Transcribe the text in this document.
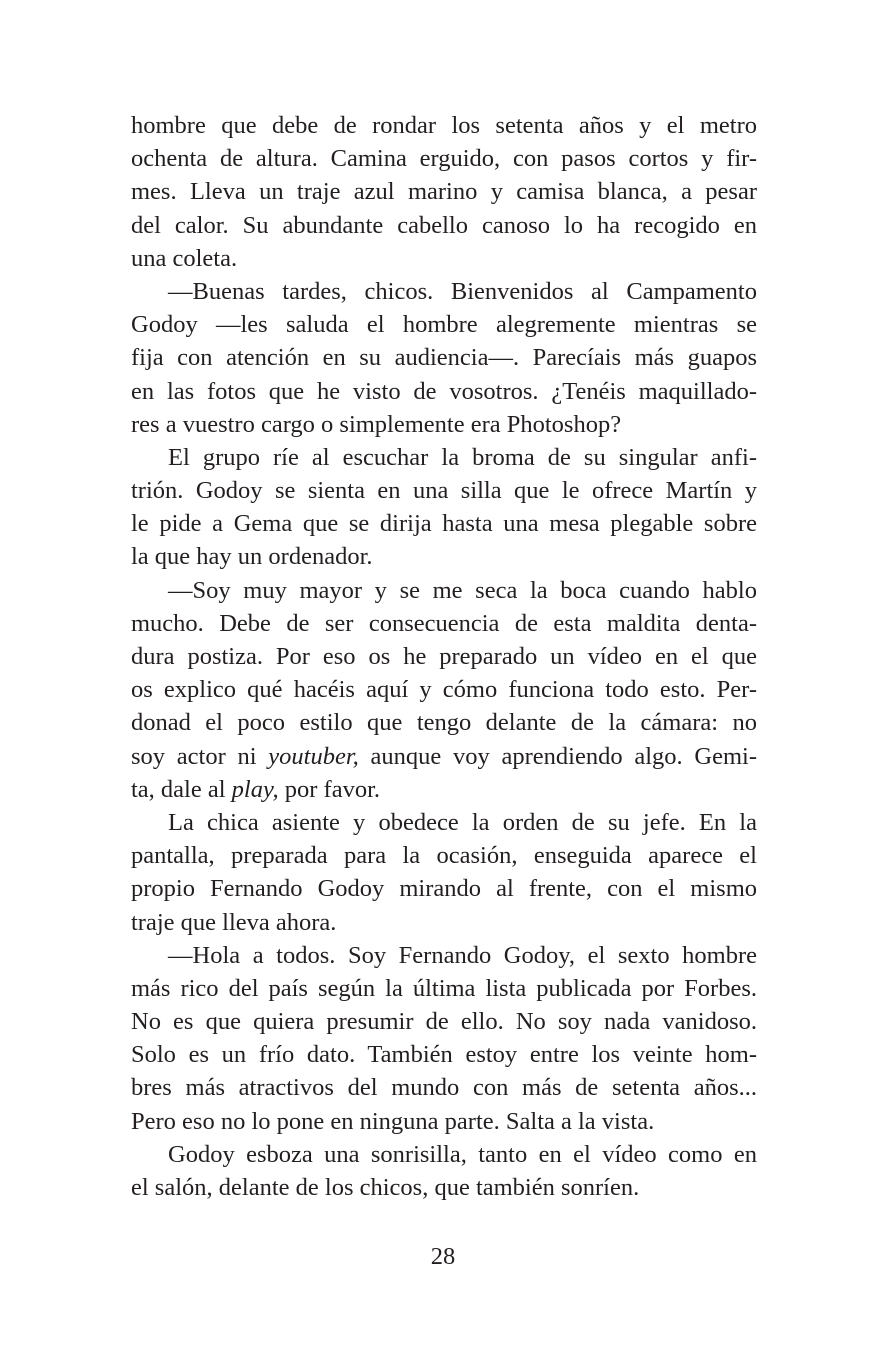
hombre que debe de rondar los setenta años y el metro
ochenta de altura. Camina erguido, con pasos cortos y fir-
mes. Lleva un traje azul marino y camisa blanca, a pesar
del calor. Su abundante cabello canoso lo ha recogido en
una coleta.
—Buenas tardes, chicos. Bienvenidos al Campamento
Godoy —les saluda el hombre alegremente mientras se
fija con atención en su audiencia—. Parecíais más guapos
en las fotos que he visto de vosotros. ¿Tenéis maquillado-
res a vuestro cargo o simplemente era Photoshop?
El grupo ríe al escuchar la broma de su singular anfi-
trión. Godoy se sienta en una silla que le ofrece Martín y
le pide a Gema que se dirija hasta una mesa plegable sobre
la que hay un ordenador.
—Soy muy mayor y se me seca la boca cuando hablo
mucho. Debe de ser consecuencia de esta maldita denta-
dura postiza. Por eso os he preparado un vídeo en el que
os explico qué hacéis aquí y cómo funciona todo esto. Per-
donad el poco estilo que tengo delante de la cámara: no
soy actor ni youtuber, aunque voy aprendiendo algo. Gemi-
ta, dale al play, por favor.
La chica asiente y obedece la orden de su jefe. En la
pantalla, preparada para la ocasión, enseguida aparece el
propio Fernando Godoy mirando al frente, con el mismo
traje que lleva ahora.
—Hola a todos. Soy Fernando Godoy, el sexto hombre
más rico del país según la última lista publicada por Forbes.
No es que quiera presumir de ello. No soy nada vanidoso.
Solo es un frío dato. También estoy entre los veinte hom-
bres más atractivos del mundo con más de setenta años...
Pero eso no lo pone en ninguna parte. Salta a la vista.
Godoy esboza una sonrisilla, tanto en el vídeo como en
el salón, delante de los chicos, que también sonríen.
28
